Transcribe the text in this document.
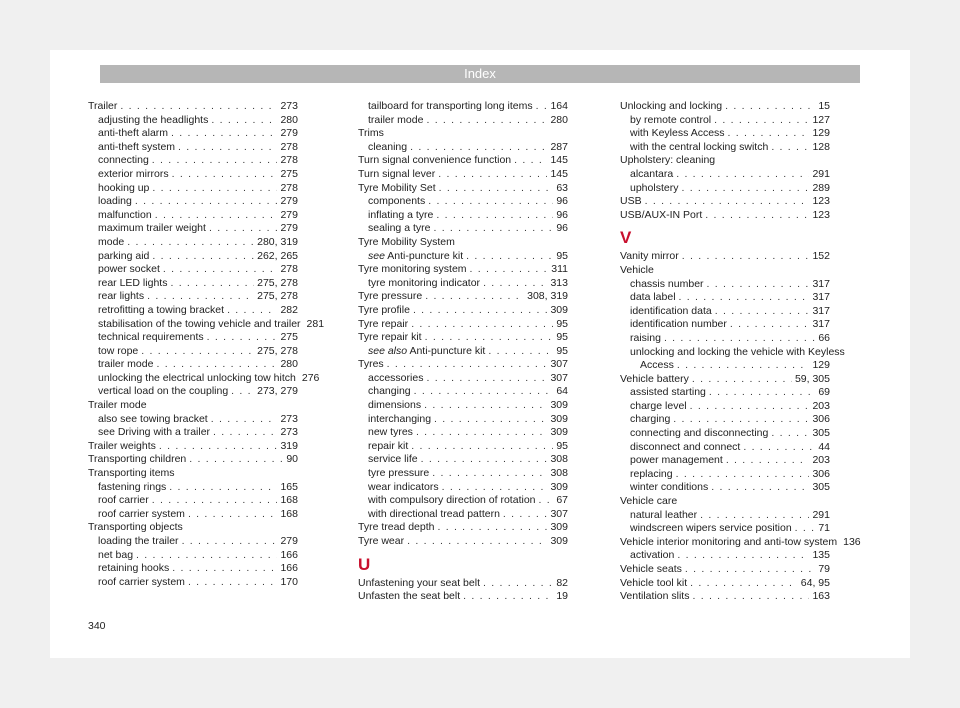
Index
Trailer . . .	273
adjusting the headlights . . .	280
anti-theft alarm . . .	279
anti-theft system . . .	278
connecting . . .	278
exterior mirrors . . .	275
hooking up . . .	278
loading . . .	279
malfunction . . .	279
maximum trailer weight . . .	279
mode . . .	280, 319
parking aid . . .	262, 265
power socket . . .	278
rear LED lights . . .	275, 278
rear lights . . .	275, 278
retrofitting a towing bracket . . .	282
stabilisation of the towing vehicle and trailer 281
technical requirements . . .	275
tow rope . . .	275, 278
trailer mode . . .	280
unlocking the electrical unlocking tow hitch 276
vertical load on the coupling . . .	273, 279
Trailer mode
also see towing bracket . . .	273
see Driving with a trailer . . .	273
Trailer weights . . .	319
Transporting children . . .	90
Transporting items
fastening rings . . .	165
roof carrier . . .	168
roof carrier system . . .	168
Transporting objects
loading the trailer . . .	279
net bag . . .	166
retaining hooks . . .	166
roof carrier system . . .	170
tailboard for transporting long items . . . 164
trailer mode . . .	280
Trims
cleaning . . .	287
Turn signal convenience function . . .	145
Turn signal lever . . .	145
Tyre Mobility Set . . .	63
components . . .	96
inflating a tyre . . .	96
sealing a tyre . . .	96
Tyre Mobility System
see Anti-puncture kit . . .	95
Tyre monitoring system . . .	311
tyre monitoring indicator . . .	313
Tyre pressure . . .	308, 319
Tyre profile . . .	309
Tyre repair . . .	95
Tyre repair kit . . .	95
see also Anti-puncture kit . . .	95
Tyres . . .	307
accessories . . .	307
changing . . .	64
dimensions . . .	309
interchanging . . .	309
new tyres . . .	309
repair kit . . .	95
service life . . .	308
tyre pressure . . .	308
wear indicators . . .	309
with compulsory direction of rotation . . . 67
with directional tread pattern . . .	307
Tyre tread depth . . .	309
Tyre wear . . .	309
U
Unfastening your seat belt . . .	82
Unfasten the seat belt . . .	19
Unlocking and locking . . .	15
by remote control . . .	127
with Keyless Access . . .	129
with the central locking switch . . .	128
Upholstery: cleaning
alcantara . . .	291
upholstery . . .	289
USB . . .	123
USB/AUX-IN Port . . .	123
V
Vanity mirror . . .	152
Vehicle
chassis number . . .	317
data label . . .	317
identification data . . .	317
identification number . . .	317
raising . . .	66
unlocking and locking the vehicle with Keyless
Access . . .	129
Vehicle battery . . .	59, 305
assisted starting . . .	69
charge level . . .	203
charging . . .	306
connecting and disconnecting . . .	305
disconnect and connect . . .	44
power management . . .	203
replacing . . .	306
winter conditions . . .	305
Vehicle care
natural leather . . .	291
windscreen wipers service position . . .	71
Vehicle interior monitoring and anti-tow system 136
activation . . .	135
Vehicle seats . . .	79
Vehicle tool kit . . .	64, 95
Ventilation slits . . .	163
340
